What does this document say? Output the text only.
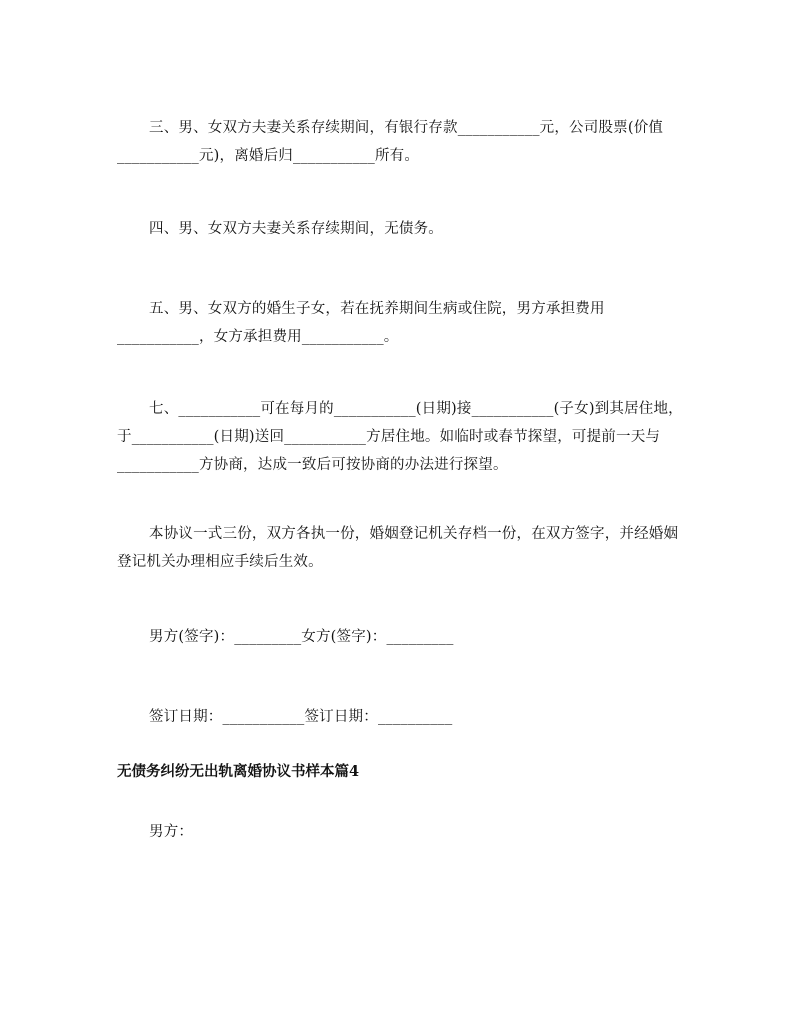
三、男、女双方夫妻关系存续期间，有银行存款___________元，公司股票(价值___________元)，离婚后归___________所有。

四、男、女双方夫妻关系存续期间，无债务。

五、男、女双方的婚生子女，若在抚养期间生病或住院，男方承担费用___________，女方承担费用___________。

七、___________可在每月的___________(日期)接___________(子女)到其居住地，于___________(日期)送回___________方居住地。如临时或春节探望，可提前一天与___________方协商，达成一致后可按协商的办法进行探望。

本协议一式三份，双方各执一份，婚姻登记机关存档一份，在双方签字，并经婚姻登记机关办理相应手续后生效。

男方(签字)：_________女方(签字)：_________

签订日期：___________签订日期：__________

无债务纠纷无出轨离婚协议书样本篇4

男方：
